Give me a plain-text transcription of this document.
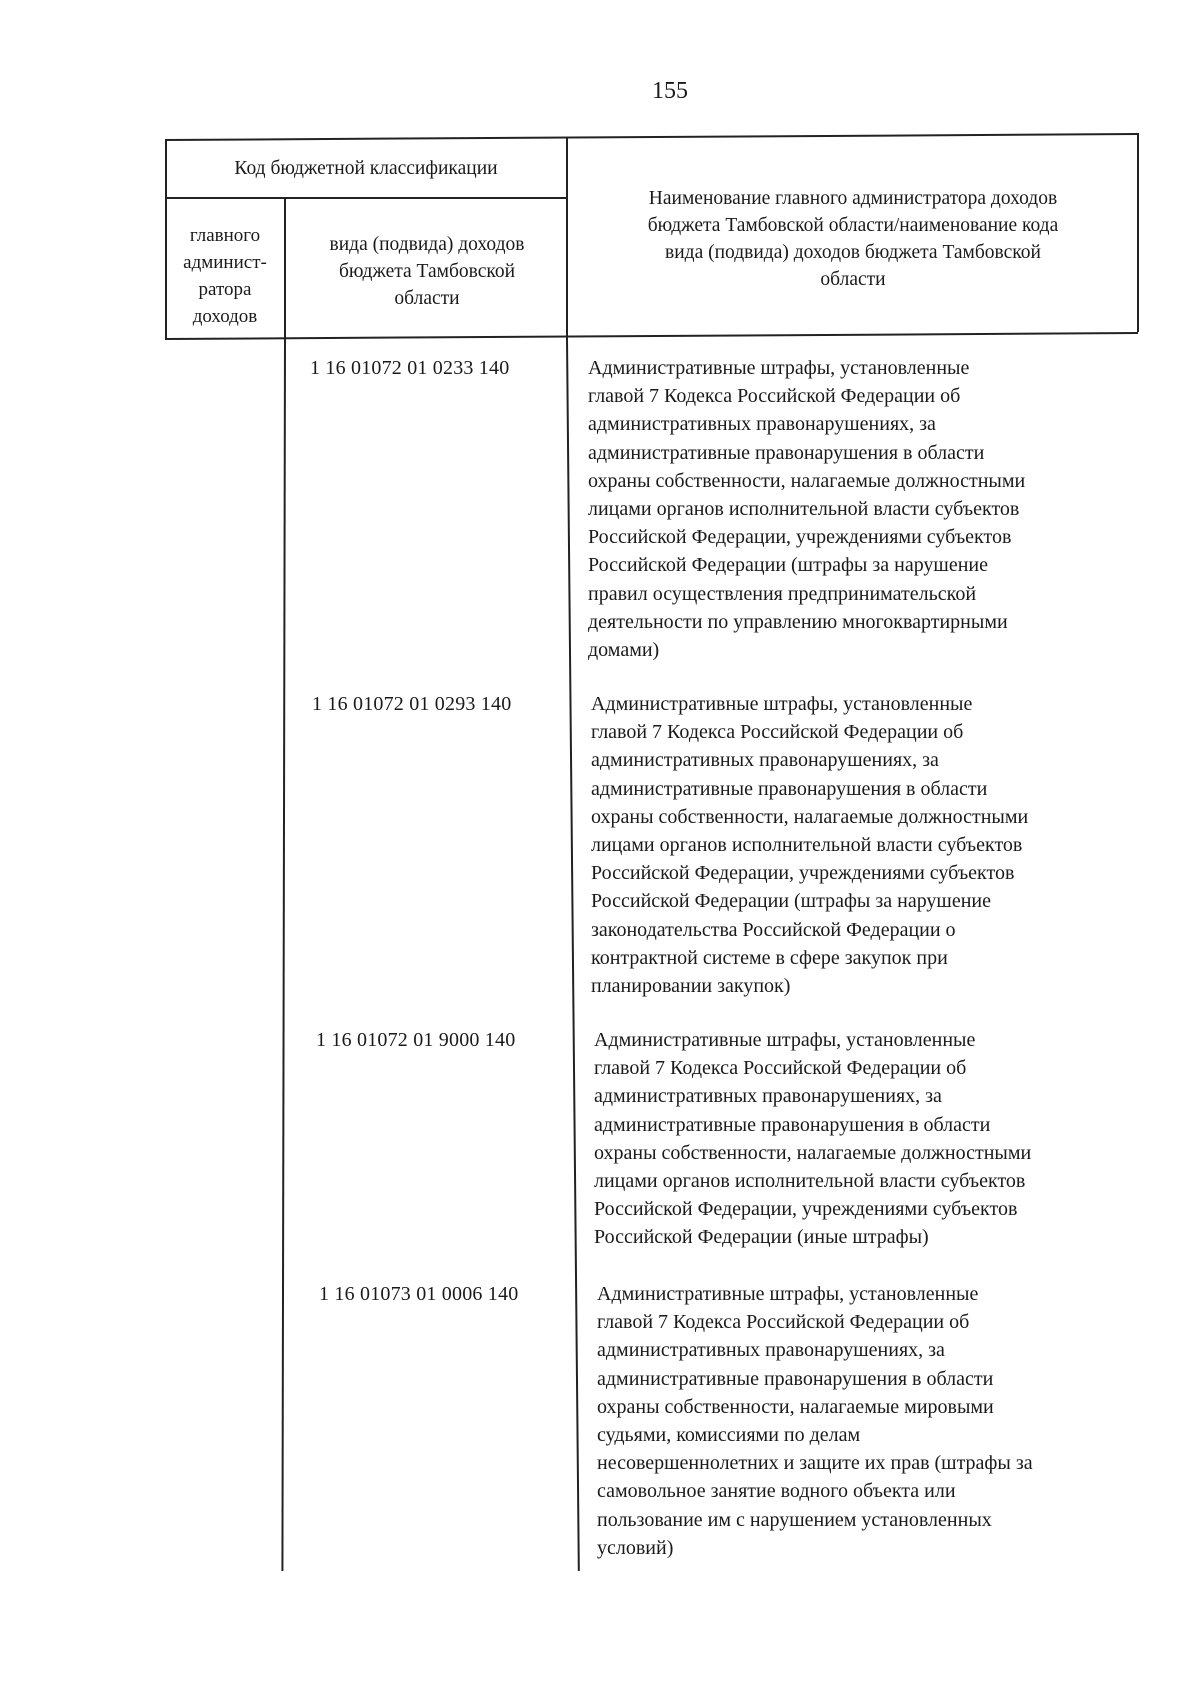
155
Код бюджетной классификации
главного
админист-
ратора
доходов
вида (подвида) доходов
бюджета Тамбовской
области
Наименование главного администратора доходов
бюджета Тамбовской области/наименование кода
вида (подвида) доходов бюджета Тамбовской
области
1 16 01072 01 0233 140	Административные штрафы, установленные
главой 7 Кодекса Российской Федерации об
административных правонарушениях, за
административные правонарушения в области
охраны собственности, налагаемые должностными
лицами органов исполнительной власти субъектов
Российской Федерации, учреждениями субъектов
Российской Федерации (штрафы за нарушение
правил осуществления предпринимательской
деятельности по управлению многоквартирными
домами)
1 16 01072 01 0293 140	Административные штрафы, установленные
главой 7 Кодекса Российской Федерации об
административных правонарушениях, за
административные правонарушения в области
охраны собственности, налагаемые должностными
лицами органов исполнительной власти субъектов
Российской Федерации, учреждениями субъектов
Российской Федерации (штрафы за нарушение
законодательства Российской Федерации о
контрактной системе в сфере закупок при
планировании закупок)
1 16 01072 01 9000 140	Административные штрафы, установленные
главой 7 Кодекса Российской Федерации об
административных правонарушениях, за
административные правонарушения в области
охраны собственности, налагаемые должностными
лицами органов исполнительной власти субъектов
Российской Федерации, учреждениями субъектов
Российской Федерации (иные штрафы)
1 16 01073 01 0006 140	Административные штрафы, установленные
главой 7 Кодекса Российской Федерации об
административных правонарушениях, за
административные правонарушения в области
охраны собственности, налагаемые мировыми
судьями, комиссиями по делам
несовершеннолетних и защите их прав (штрафы за
самовольное занятие водного объекта или
пользование им с нарушением установленных
условий)
